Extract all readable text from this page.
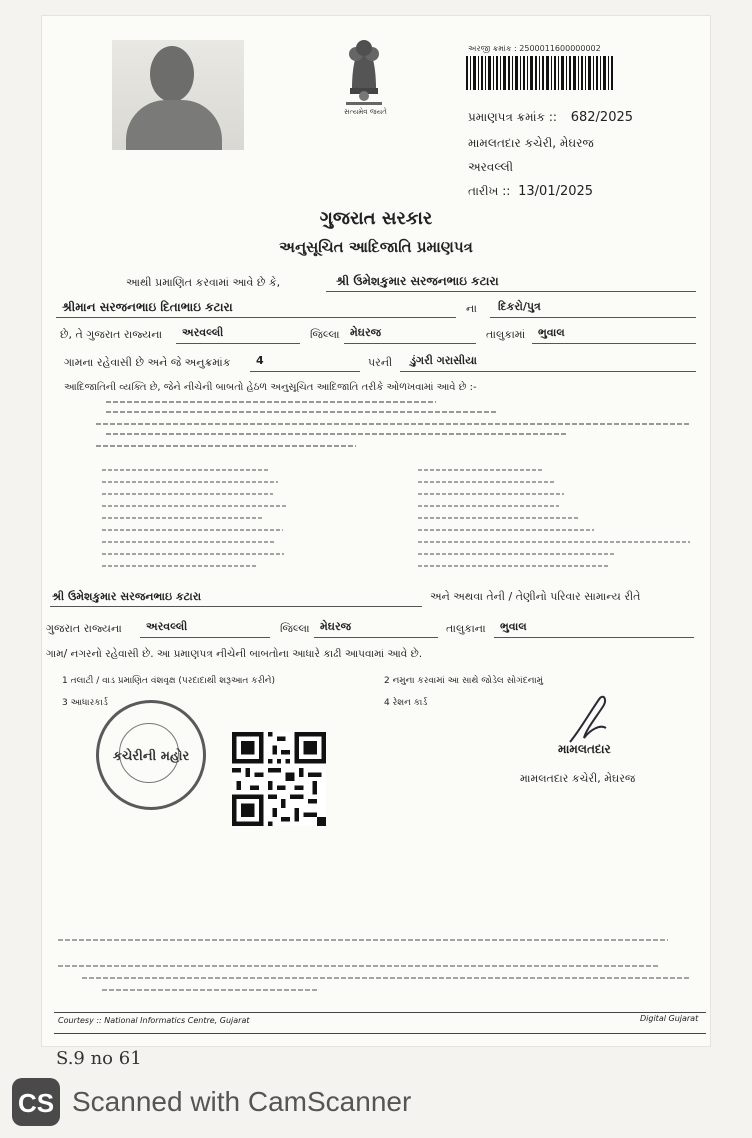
સત્યમેવ જયતે
અરજી ક્રમાંક : 2500011600000002
પ્રમાણપત્ર ક્રમાંક :: 682/2025
મામલતદાર કચેરી, મેઘરજ
અરવલ્લી
તારીખ :: 13/01/2025
ગુજરાત સરકાર
અનુસૂચિત આદિજાતિ પ્રમાણપત્ર
આથી પ્રમાણિત કરવામાં આવે છે કે,	શ્રી ઉમેશકુમાર સરજનભાઇ કટારા
શ્રીમાન સરજનભાઇ દિતાભાઇ કટારા	ના દિકરો/પુત્ર
છે, તે ગુજરાત રાજ્યના અરવલ્લી	જિલ્લા મેઘરજ	તાલુકામાં ભુવાલ
ગામના રહેવાસી છે અને જે અનુક્રમાંક 4	પરની ડુંગરી ગરાસીયા
આદિજાતિની વ્યક્તિ છે, જેને નીચેની બાબતો હેઠળ અનુસૂચિત આદિજાતિ તરીકે ઓળખવામાં આવે છે :-
શ્રી ઉમેશકુમાર સરજનભાઇ કટારા	અને અથવા તેની / તેણીનો પરિવાર સામાન્ય રીતે
ગુજરાત રાજ્યના અરવલ્લી	જિલ્લા મેઘરજ	તાલુકાના ભુવાલ
ગામ/ નગરનો રહેવાસી છે. આ પ્રમાણપત્ર નીચેની બાબતોના આધારે કાઢી આપવામાં આવે છે.
1 તલાટી / વાડ પ્રમાણિત વંશવૃક્ષ (પરદાદાથી શરૂઆત કરીને)	2 નમુના કરવામાં આ સાથે જોડેલ સોગંદનામું
3 આધારકાર્ડ	4 રેશન કાર્ડ
કચેરીની મહોર	મામલતદાર
મામલતદાર કચેરી, મેઘરજ
Courtesy :: National Informatics Centre, Gujarat	Digital Gujarat
S.9 no 61
CS Scanned with CamScanner
